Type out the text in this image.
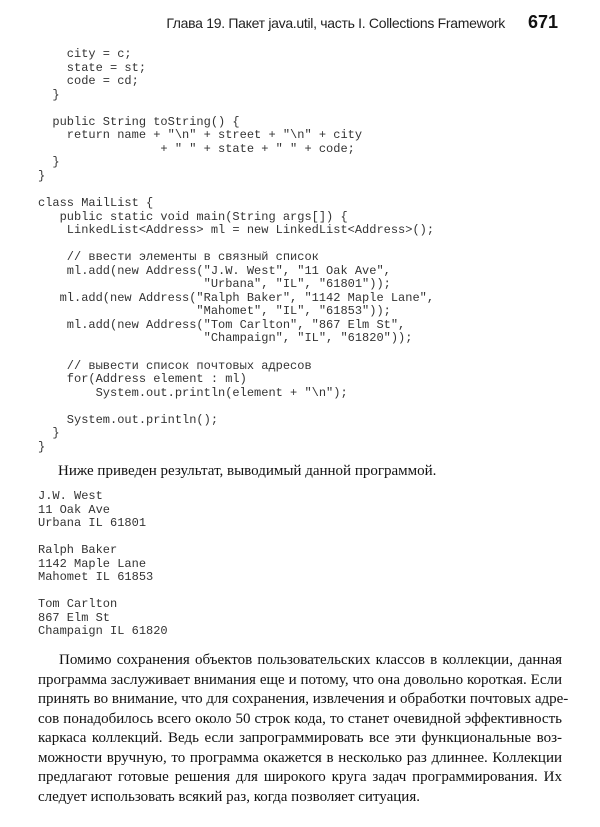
Глава 19. Пакет java.util, часть I. Collections Framework 671
city = c;
state = st;
code = cd;
}

public String toString() {
return name + "\n" + street + "\n" + city
+ " " + state + " " + code;
}
}

class MailList {
public static void main(String args[]) {
LinkedList<Address> ml = new LinkedList<Address>();

// ввести элементы в связный список
ml.add(new Address("J.W. West", "11 Oak Ave",
"Urbana", "IL", "61801"));
ml.add(new Address("Ralph Baker", "1142 Maple Lane",
"Mahomet", "IL", "61853"));
ml.add(new Address("Tom Carlton", "867 Elm St",
"Champaign", "IL", "61820"));

// вывести список почтовых адресов
for(Address element : ml)
System.out.println(element + "\n");

System.out.println();
}
}
Ниже приведен результат, выводимый данной программой.
J.W. West
11 Oak Ave
Urbana IL 61801

Ralph Baker
1142 Maple Lane
Mahomet IL 61853

Tom Carlton
867 Elm St
Champaign IL 61820
Помимо сохранения объектов пользовательских классов в коллекции, данная
программа заслуживает внимания еще и потому, что она довольно короткая. Если
принять во внимание, что для сохранения, извлечения и обработки почтовых адре-
сов понадобилось всего около 50 строк кода, то станет очевидной эффективность
каркаса коллекций. Ведь если запрограммировать все эти функциональные воз-
можности вручную, то программа окажется в несколько раз длиннее. Коллекции
предлагают готовые решения для широкого круга задач программирования. Их
следует использовать всякий раз, когда позволяет ситуация.
